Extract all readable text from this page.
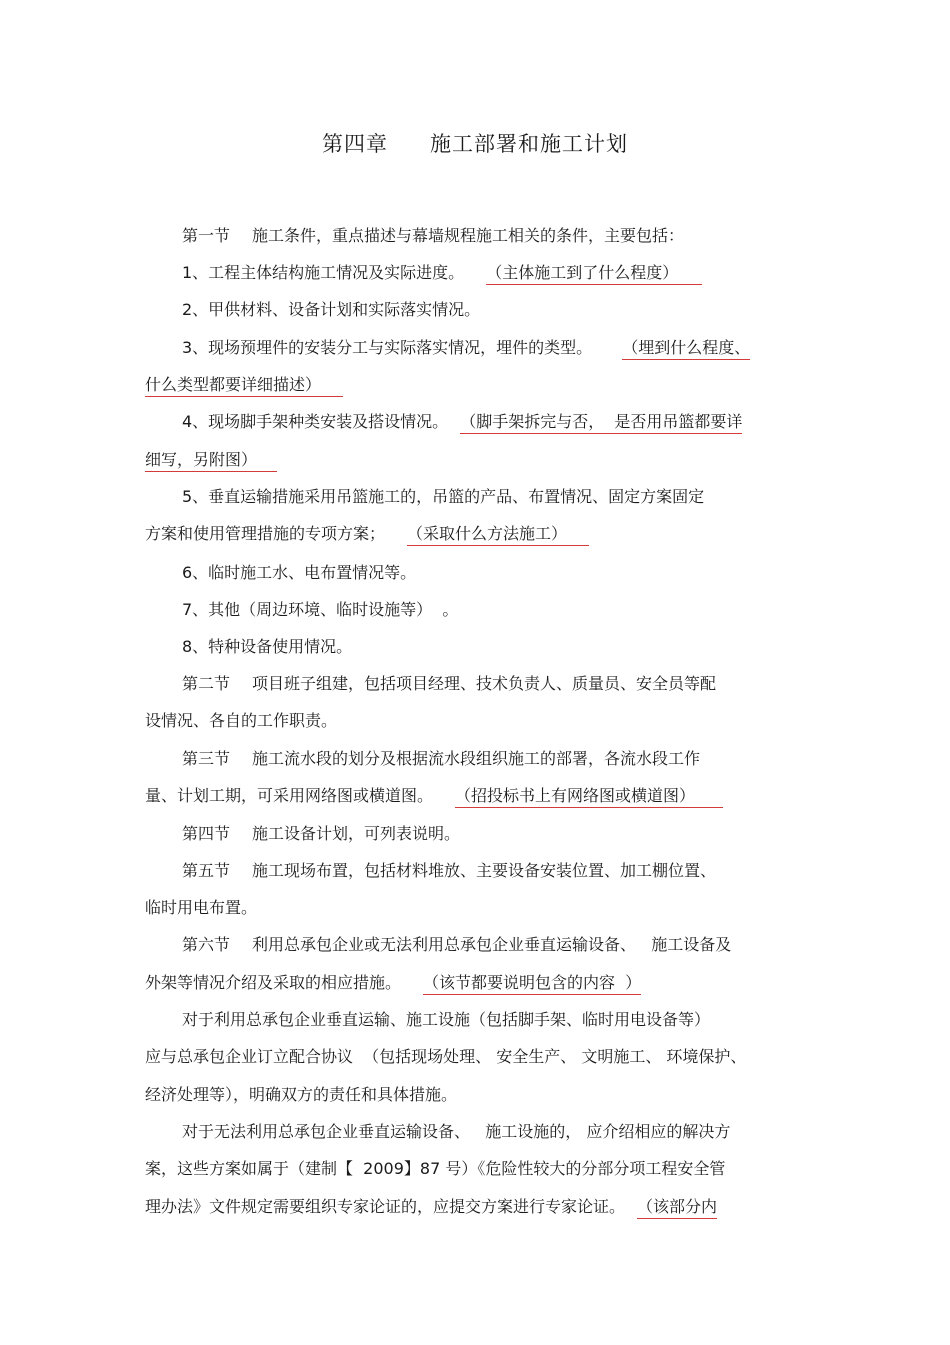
第四章 施工部署和施工计划
第一节 施工条件，重点描述与幕墙规程施工相关的条件，主要包括：
1、工程主体结构施工情况及实际进度。 （主体施工到了什么程度）
2、甲供材料、设备计划和实际落实情况。
3、现场预埋件的安装分工与实际落实情况，埋件的类型。 （埋到什么程度、
什么类型都要详细描述）
4、现场脚手架种类安装及搭设情况。 （脚手架拆完与否，  是否用吊篮都要详
细写，另附图）
5、垂直运输措施采用吊篮施工的，吊篮的产品、布置情况、固定方案固定
方案和使用管理措施的专项方案； （采取什么方法施工）
6、临时施工水、电布置情况等。
7、其他（周边环境、临时设施等）  。
8、特种设备使用情况。
第二节 项目班子组建，包括项目经理、技术负责人、质量员、安全员等配
设情况、各自的工作职责。
第三节 施工流水段的划分及根据流水段组织施工的部署，各流水段工作
量、计划工期，可采用网络图或横道图。 （招投标书上有网络图或横道图）
第四节 施工设备计划，可列表说明。
第五节 施工现场布置，包括材料堆放、主要设备安装位置、加工棚位置、
临时用电布置。
第六节 利用总承包企业或无法利用总承包企业垂直运输设备、   施工设备及
外架等情况介绍及采取的相应措施。 （该节都要说明包含的内容  ）
对于利用总承包企业垂直运输、施工设施（包括脚手架、临时用电设备等）
应与总承包企业订立配合协议  （包括现场处理、 安全生产、 文明施工、 环境保护、
经济处理等），明确双方的责任和具体措施。
对于无法利用总承包企业垂直运输设备、   施工设施的， 应介绍相应的解决方
案，这些方案如属于（建制【  2009】87 号）《危险性较大的分部分项工程安全管
理办法》文件规定需要组织专家论证的，应提交方案进行专家论证。 （该部分内
